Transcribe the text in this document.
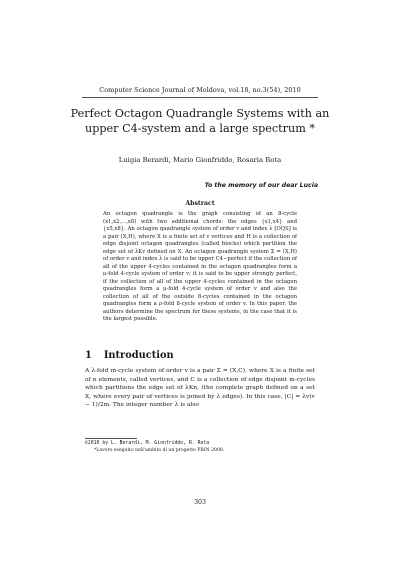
Computer Science Journal of Moldova, vol.18, no.3(54), 2010
Perfect Octagon Quadrangle Systems with an upper C4-system and a large spectrum *
Luigia Berardi, Mario Gionfriddo, Rosaria Rota
To the memory of our dear Lucia
Abstract
An octagon quadrangle is the graph consisting of an 8-cycle (x1,x2,...,x8) with two additional chords: the edges {x1,x4} and {x5,x8}. An octagon quadrangle system of order v and index λ [OQS] is a pair (X,H), where X is a finite set of v vertices and H is a collection of edge disjoint octagon quadrangles (called blocks) which partition the edge set of λKv defined on X. An octagon quadrangle system Σ = (X,H) of order v and index λ is said to be upper C4−perfect if the collection of all of the upper 4-cycles contained in the octagon quadrangles form a μ-fold 4-cycle system of order v; it is said to be upper strongly perfect, if the collection of all of the upper 4-cycles contained in the octagon quadrangles form a μ-fold 4-cycle system of order v and also the collection of all of the outside 8-cycles contained in the octagon quadrangles form a ρ-fold 8-cycle system of order v. In this paper, the authors determine the spectrum for these systems, in the case that it is the largest possible.
1 Introduction
A λ-fold m-cycle system of order v is a pair Σ = (X,C), where X is a finite set of n elements, called vertices, and C is a collection of edge disjoint m-cycles which partitions the edge set of λKn, (the complete graph defined on a set X, where every pair of vertices is joined by λ edges). In this case, |C| = λv(v − 1)/2m. The integer number λ is also
©2010 by L. Berardi, M. Gionfriddo, R. Rota
*Lavoro eseguito nell'ambito di un progetto PRIN 2008.
303
